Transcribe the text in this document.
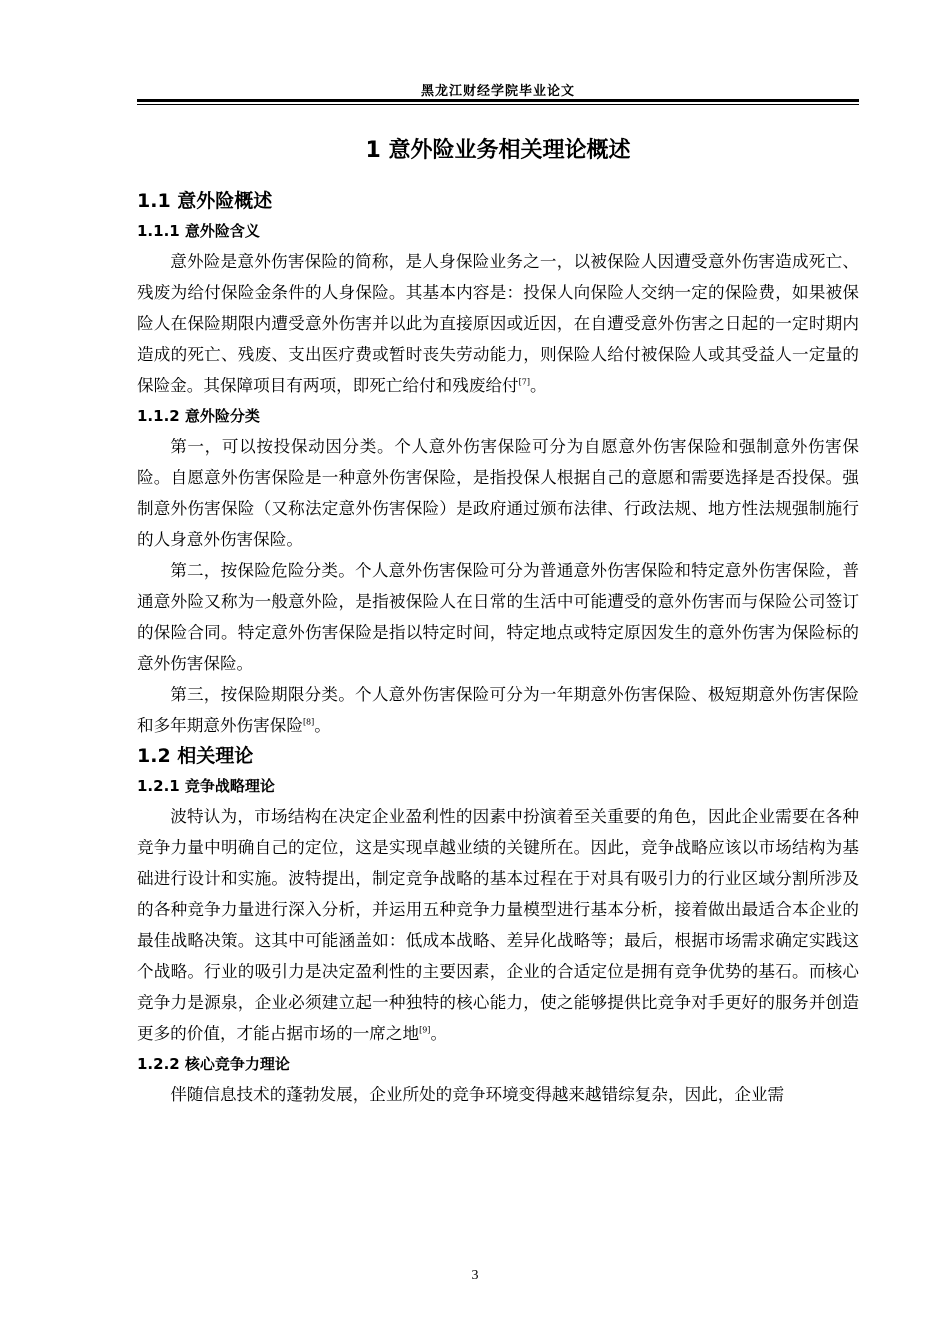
黑龙江财经学院毕业论文
1 意外险业务相关理论概述
1.1 意外险概述
1.1.1 意外险含义

意外险是意外伤害保险的简称，是人身保险业务之一，以被保险人因遭受意外伤害造成死亡、残废为给付保险金条件的人身保险。其基本内容是：投保人向保险人交纳一定的保险费，如果被保险人在保险期限内遭受意外伤害并以此为直接原因或近因，在自遭受意外伤害之日起的一定时期内造成的死亡、残废、支出医疗费或暂时丧失劳动能力，则保险人给付被保险人或其受益人一定量的保险金。其保障项目有两项，即死亡给付和残废给付[7]。

1.1.2 意外险分类

第一，可以按投保动因分类。个人意外伤害保险可分为自愿意外伤害保险和强制意外伤害保险。自愿意外伤害保险是一种意外伤害保险，是指投保人根据自己的意愿和需要选择是否投保。强制意外伤害保险（又称法定意外伤害保险）是政府通过颁布法律、行政法规、地方性法规强制施行的人身意外伤害保险。

第二，按保险危险分类。个人意外伤害保险可分为普通意外伤害保险和特定意外伤害保险，普通意外险又称为一般意外险，是指被保险人在日常的生活中可能遭受的意外伤害而与保险公司签订的保险合同。特定意外伤害保险是指以特定时间，特定地点或特定原因发生的意外伤害为保险标的意外伤害保险。

第三，按保险期限分类。个人意外伤害保险可分为一年期意外伤害保险、极短期意外伤害保险和多年期意外伤害保险[8]。

1.2 相关理论
1.2.1 竞争战略理论

波特认为，市场结构在决定企业盈利性的因素中扮演着至关重要的角色，因此企业需要在各种竞争力量中明确自己的定位，这是实现卓越业绩的关键所在。因此，竞争战略应该以市场结构为基础进行设计和实施。波特提出，制定竞争战略的基本过程在于对具有吸引力的行业区域分割所涉及的各种竞争力量进行深入分析，并运用五种竞争力量模型进行基本分析，接着做出最适合本企业的最佳战略决策。这其中可能涵盖如：低成本战略、差异化战略等；最后，根据市场需求确定实践这个战略。行业的吸引力是决定盈利性的主要因素，企业的合适定位是拥有竞争优势的基石。而核心竞争力是源泉，企业必须建立起一种独特的核心能力，使之能够提供比竞争对手更好的服务并创造更多的价值，才能占据市场的一席之地[9]。

1.2.2 核心竞争力理论

伴随信息技术的蓬勃发展，企业所处的竞争环境变得越来越错综复杂，因此，企业需

3
